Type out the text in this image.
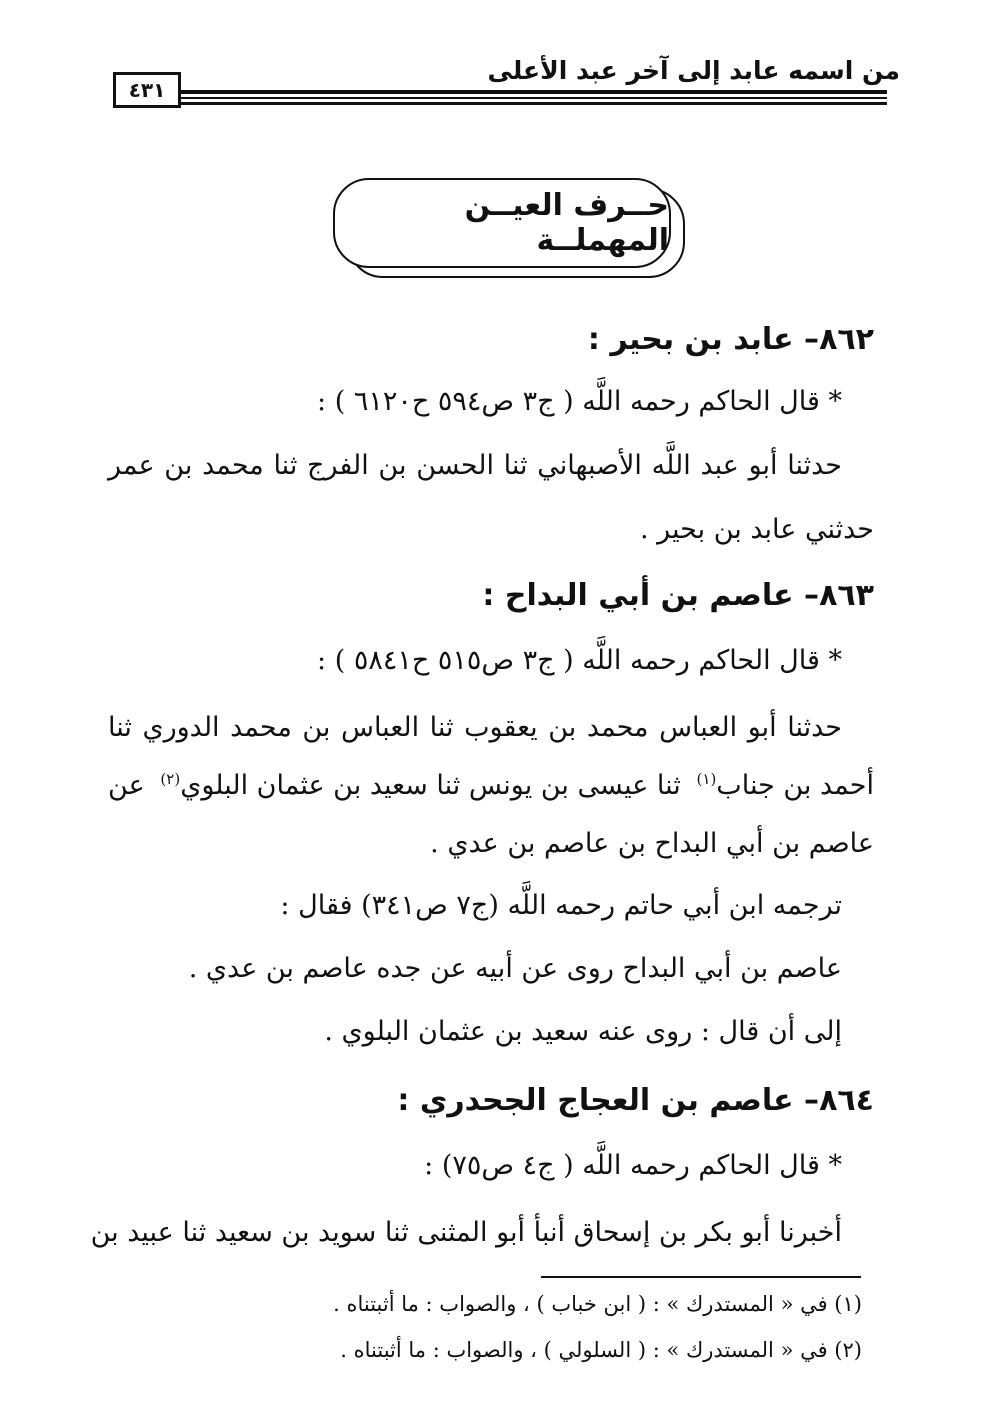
من اسمه عابد إلى آخر عبد الأعلى
٤٣١
حــرف العيــن المهملــة
٨٦٢– عابد بن بحير :
* قال الحاكم رحمه اللَّه ( ج٣ ص٥٩٤ ح٦١٢٠ ) :
حدثنا أبو عبد اللَّه الأصبهاني ثنا الحسن بن الفرج ثنا محمد بن عمر
حدثني عابد بن بحير .
٨٦٣– عاصم بن أبي البداح :
* قال الحاكم رحمه اللَّه ( ج٣ ص٥١٥ ح٥٨٤١ ) :
حدثنا أبو العباس محمد بن يعقوب ثنا العباس بن محمد الدوري ثنا
أحمد بن جناب$^{(١)}$
ثنا عيسى بن يونس ثنا سعيد بن عثمان البلوي$^{(٢)}$
عن
عاصم بن أبي البداح بن عاصم بن عدي .
ترجمه ابن أبي حاتم رحمه اللَّه (ج٧ ص٣٤١) فقال :
عاصم بن أبي البداح روى عن أبيه عن جده عاصم بن عدي .
إلى أن قال : روى عنه سعيد بن عثمان البلوي .
٨٦٤– عاصم بن العجاج الجحدري :
* قال الحاكم رحمه اللَّه ( ج٤ ص٧٥) :
أخبرنا أبو بكر بن إسحاق أنبأ أبو المثنى ثنا سويد بن سعيد ثنا عبيد بن
(١) في « المستدرك » : ( ابن خباب ) ، والصواب : ما أثبتناه .
(٢) في « المستدرك » : ( السلولي ) ، والصواب : ما أثبتناه .
